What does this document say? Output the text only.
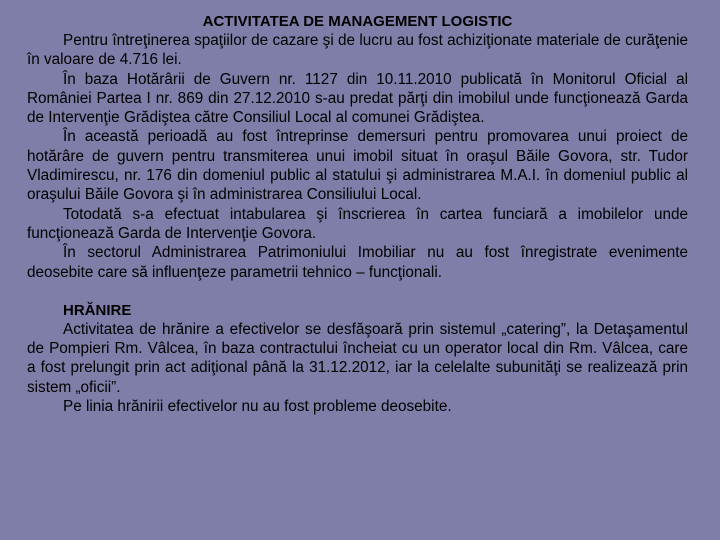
ACTIVITATEA DE MANAGEMENT LOGISTIC

Pentru întreţinerea spaţiilor de cazare şi de lucru au fost achiziţionate materiale de curăţenie în valoare de 4.716 lei.

În baza Hotărârii de Guvern nr. 1127 din 10.11.2010 publicată în Monitorul Oficial al României Partea I nr. 869 din 27.12.2010 s-au predat părţi din imobilul unde funcţionează Garda de Intervenţie Grădiştea către Consiliul Local al comunei Grădiştea.

În această perioadă au fost întreprinse demersuri pentru promovarea unui proiect de hotărâre de guvern pentru transmiterea unui imobil situat în oraşul Băile Govora, str. Tudor Vladimirescu, nr. 176 din domeniul public al statului şi administrarea M.A.I. în domeniul public al oraşului Băile Govora şi în administrarea Consiliului Local.

Totodată s-a efectuat intabularea şi înscrierea în cartea funciară a imobilelor unde funcţionează Garda de Intervenţie Govora.

În sectorul Administrarea Patrimoniului Imobiliar nu au fost înregistrate evenimente deosebite care să influenţeze parametrii tehnico – funcţionali.

HRĂNIRE

Activitatea de hrănire a efectivelor se desfăşoară prin sistemul „catering”, la Detaşamentul de Pompieri Rm. Vâlcea, în baza contractului încheiat cu un operator local din Rm. Vâlcea, care a fost prelungit prin act adiţional până la 31.12.2012, iar la celelalte subunităţi se realizează prin sistem „oficii”.

Pe linia hrănirii efectivelor nu au fost probleme deosebite.
